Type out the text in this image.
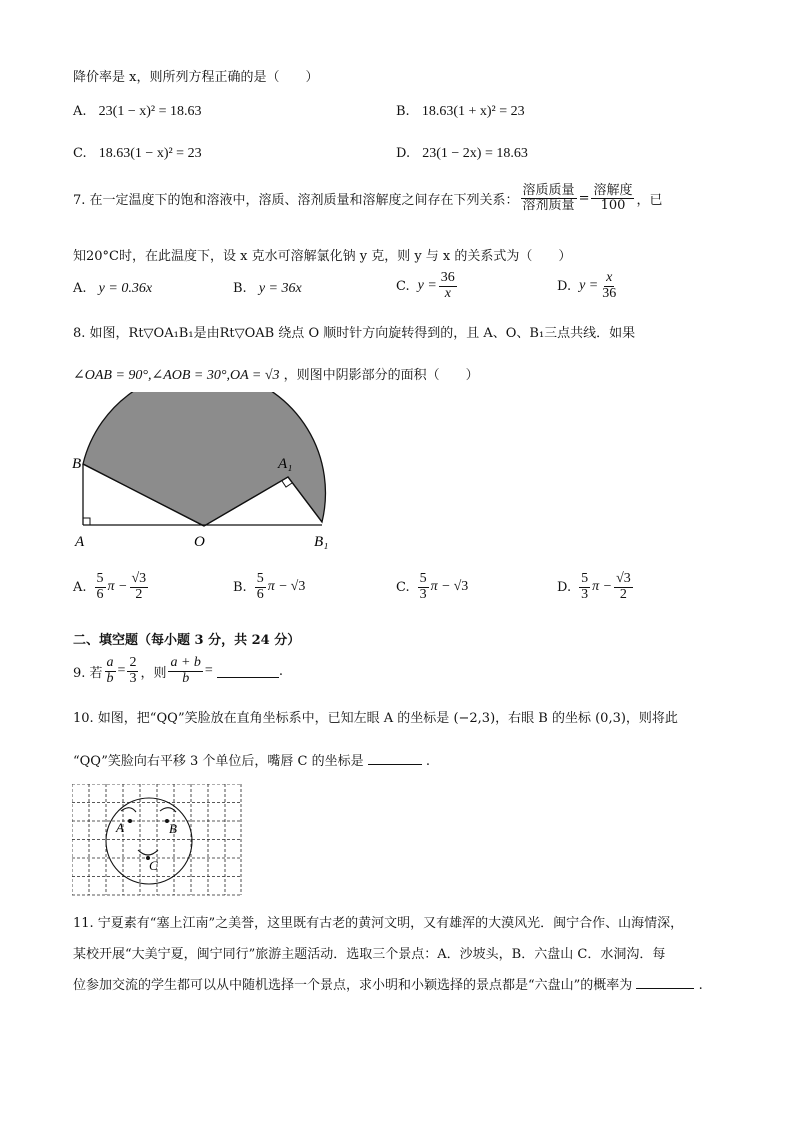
降价率是 x，则所列方程正确的是（　　）
A. 23(1 − x)² = 18.63	B. 18.63(1 + x)² = 23
C. 18.63(1 − x)² = 23	D. 23(1 − 2x) = 18.63
7. 在一定温度下的饱和溶液中，溶质、溶剂质量和溶解度之间存在下列关系： $\frac{\text{溶质质量}}{\text{溶剂质量}} = \frac{\text{溶解度}}{100}$ ，已
知20°C时，在此温度下，设 x 克水可溶解氯化钠 y 克，则 y 与 x 的关系式为（　　）
A. y = 0.36x	B. y = 36x	C. $y = \frac{36}{x}$	D. $y = \frac{x}{36}$
8. 如图，Rt▽OA₁B₁是由Rt▽OAB 绕点 O 顺时针方向旋转得到的，且 A、O、B₁三点共线．如果
∠OAB = 90°,∠AOB = 30°,OA = √3 ，则图中阴影部分的面积（　　）
B	A₁
A	O	B₁
A. $\frac{5}{6}$ $\pi - \frac{√3}{2}$	B. $\frac{5}{6}$ π − √3	C. $\frac{5}{3}$ π − √3	D. $\frac{5}{3}$ $\pi - \frac{√3}{2}$
二、填空题（每小题 3 分，共 24 分）
9. 若 $\frac{a}{b} = \frac{2}{3}$ ，则 $\frac{a + b}{b}$ =	.
10. 如图，把“QQ”笑脸放在直角坐标系中，已知左眼 A 的坐标是 (−2,3)，右眼 B 的坐标 (0,3)，则将此
“QQ”笑脸向右平移 3 个单位后，嘴唇 C 的坐标是	.
A	B
C
11. 宁夏素有“塞上江南”之美誉，这里既有古老的黄河文明，又有雄浑的大漠风光．闽宁合作、山海情深，
某校开展“大美宁夏，闽宁同行”旅游主题活动．选取三个景点：A．沙坡头，B．六盘山 C．水洞沟．每
位参加交流的学生都可以从中随机选择一个景点，求小明和小颖选择的景点都是“六盘山”的概率为	.
